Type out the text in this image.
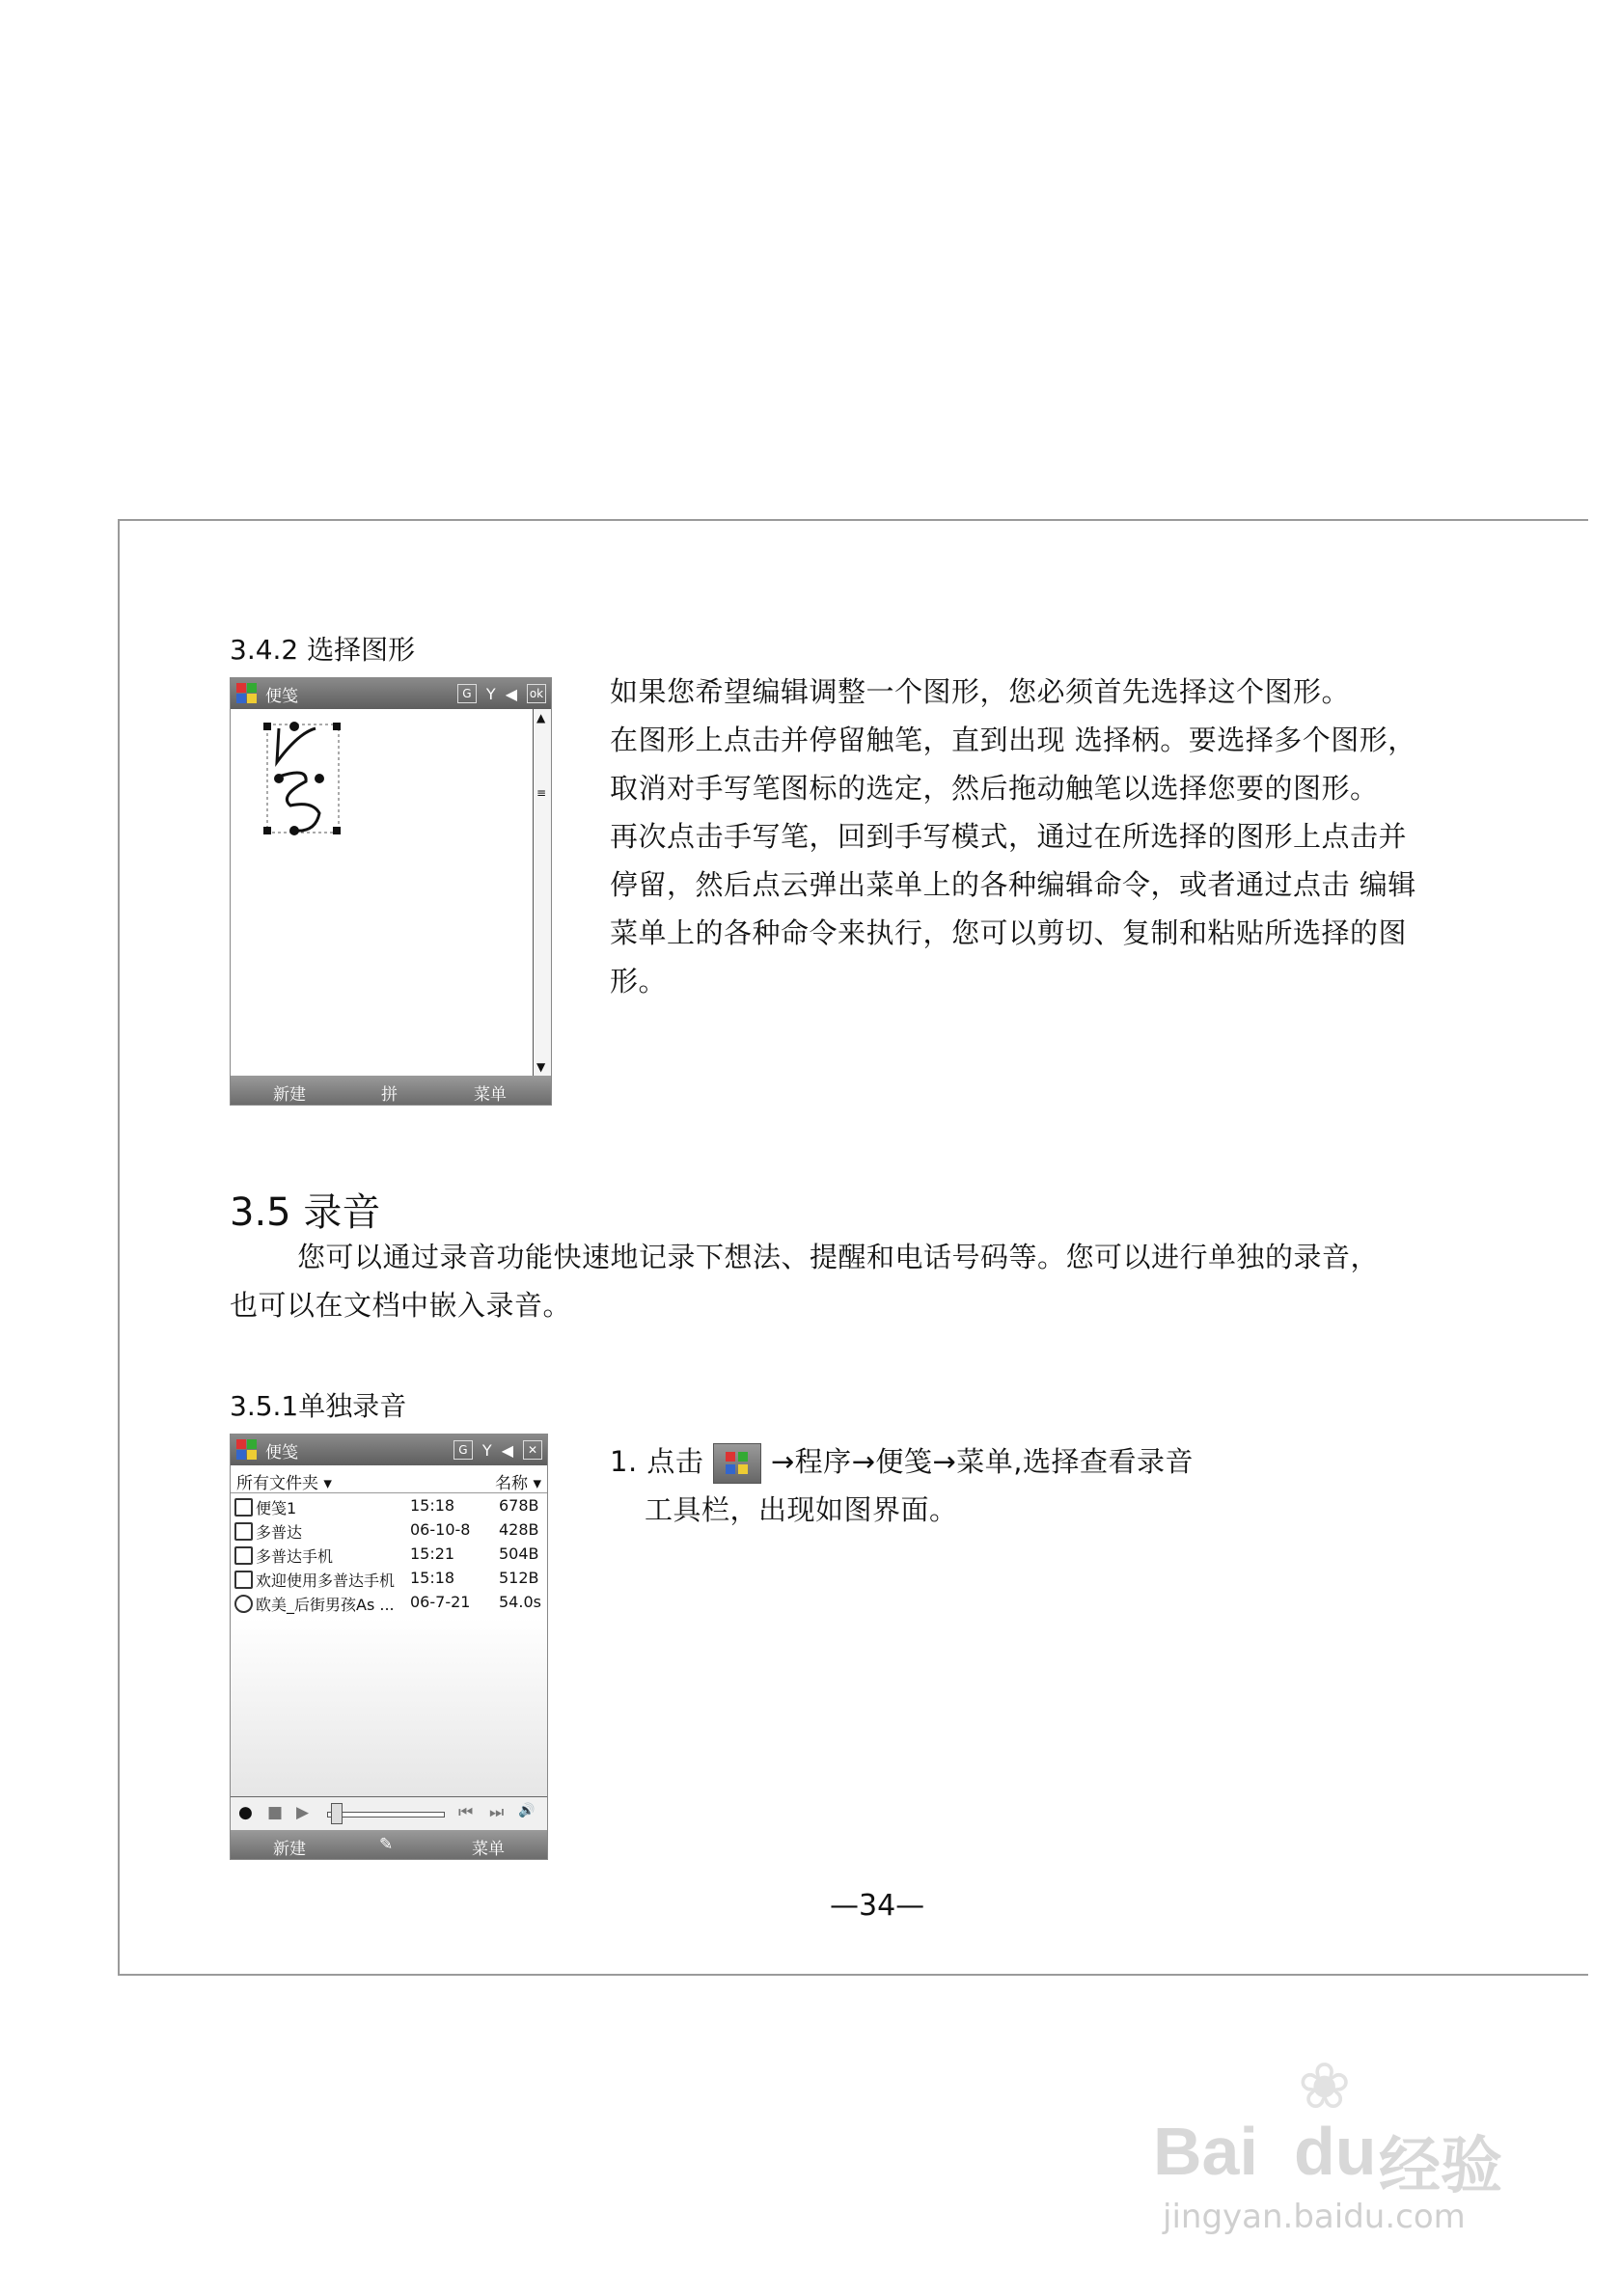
3.4.2 选择图形
便笺	G Y ◀ ok
▲
≡
▼
新建	拼	菜单
如果您希望编辑调整一个图形，您必须首先选择这个图形。
在图形上点击并停留触笔，直到出现 选择柄。要选择多个图形，
取消对手写笔图标的选定，然后拖动触笔以选择您要的图形。
再次点击手写笔，回到手写模式，通过在所选择的图形上点击并
停留，然后点云弹出菜单上的各种编辑命令，或者通过点击 编辑
菜单上的各种命令来执行，您可以剪切、复制和粘贴所选择的图
形。
3.5 录音
您可以通过录音功能快速地记录下想法、提醒和电话号码等。您可以进行单独的录音，
也可以在文档中嵌入录音。
3.5.1单独录音
便笺	G Y ◀	✕
所有文件夹 ▾	名称 ▾
便笺1	15:18	678B
多普达	06-10-8 428B
多普达手机	15:21	504B
欢迎使用多普达手机 15:18	512B
欧美_后街男孩As ... 06-7-21 54.0s
● ■ ▶	⏮ ⏭ 🔊
新建	✎	菜单
1. 点击 →程序→便笺→菜单,选择查看录音
工具栏，出现如图界面。
—34—
❀
Bai du 经验
jingyan.baidu.com
